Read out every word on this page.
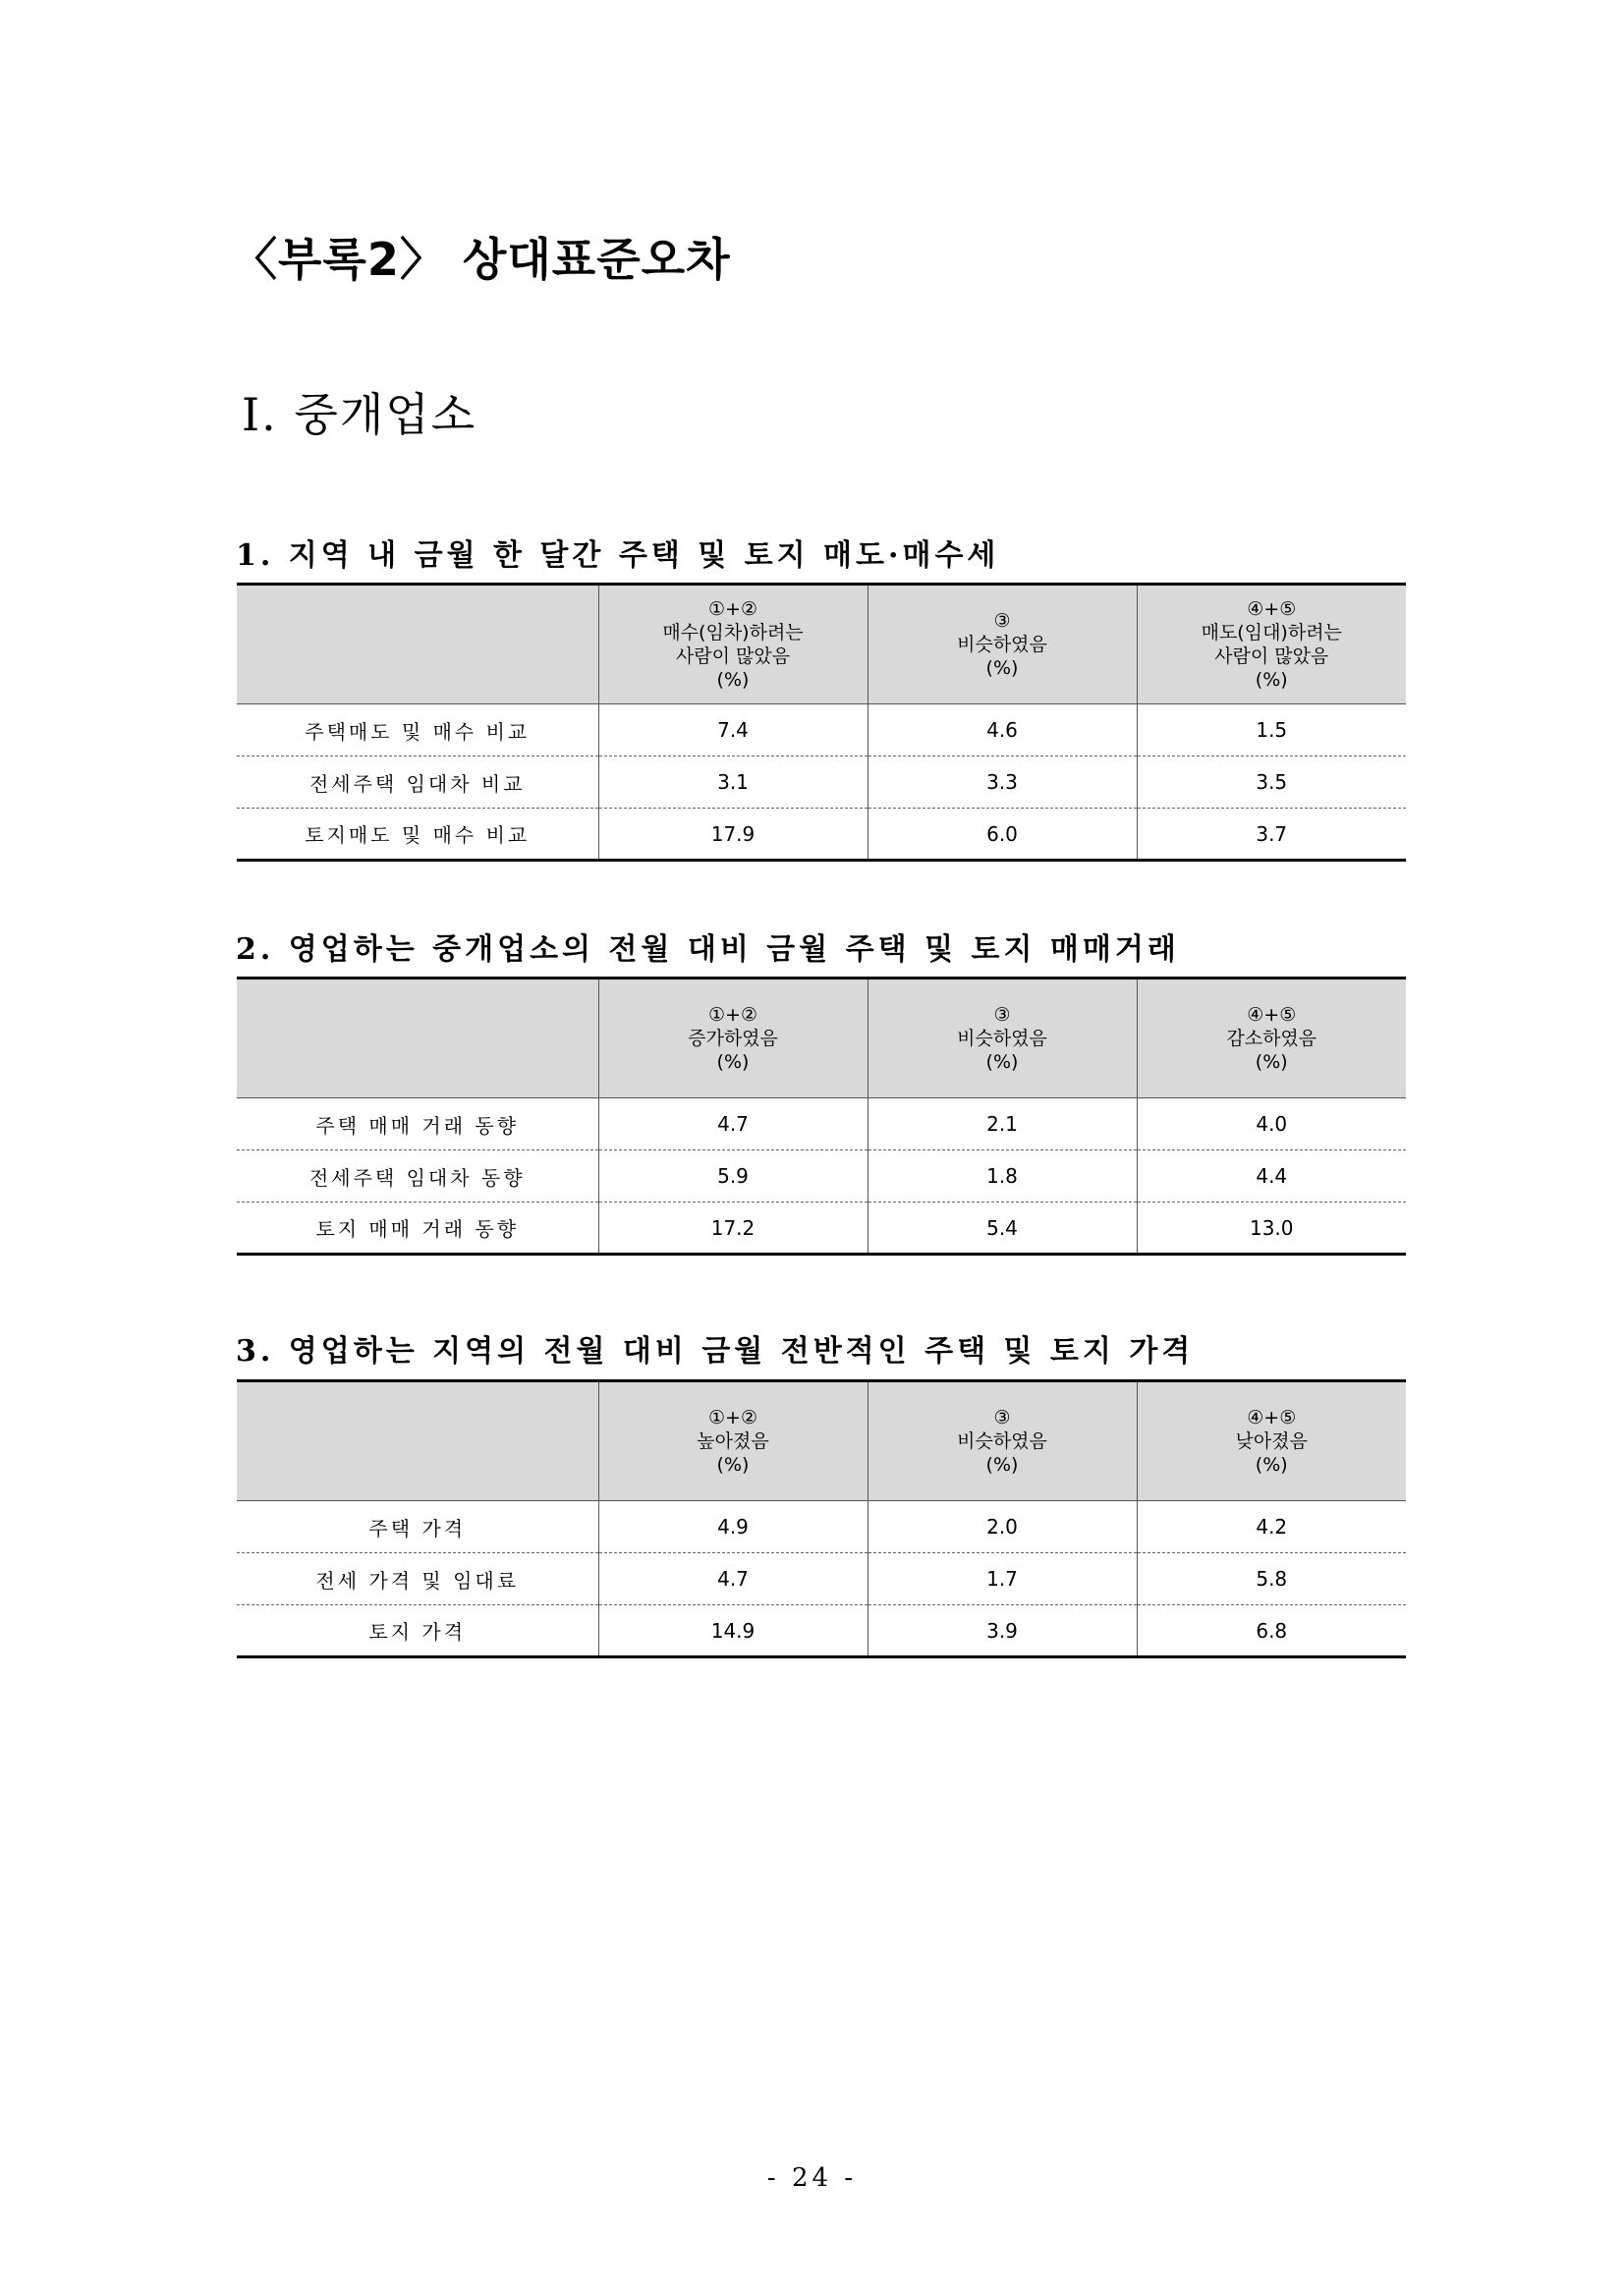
〈부록2〉 상대표준오차
Ⅰ. 중개업소
1. 지역 내 금월 한 달간 주택 및 토지 매도·매수세

	①+②
매수(임차)하려는
사람이 많았음
(%)	③
비슷하였음
(%)	④+⑤
매도(임대)하려는
사람이 많았음
(%)

주택매도 및 매수 비교	7.4	4.6	1.5
전세주택 임대차 비교	3.1	3.3	3.5
토지매도 및 매수 비교	17.9	6.0	3.7
2. 영업하는 중개업소의 전월 대비 금월 주택 및 토지 매매거래

	①+②
증가하였음
(%)	③
비슷하였음
(%)	④+⑤
감소하였음
(%)

주택 매매 거래 동향	4.7	2.1	4.0
전세주택 임대차 동향	5.9	1.8	4.4
토지 매매 거래 동향	17.2	5.4	13.0
3. 영업하는 지역의 전월 대비 금월 전반적인 주택 및 토지 가격

	①+②
높아졌음
(%)	③
비슷하였음
(%)	④+⑤
낮아졌음
(%)

주택 가격	4.9	2.0	4.2
전세 가격 및 임대료	4.7	1.7	5.8
토지 가격	14.9	3.9	6.8
- 24 -
